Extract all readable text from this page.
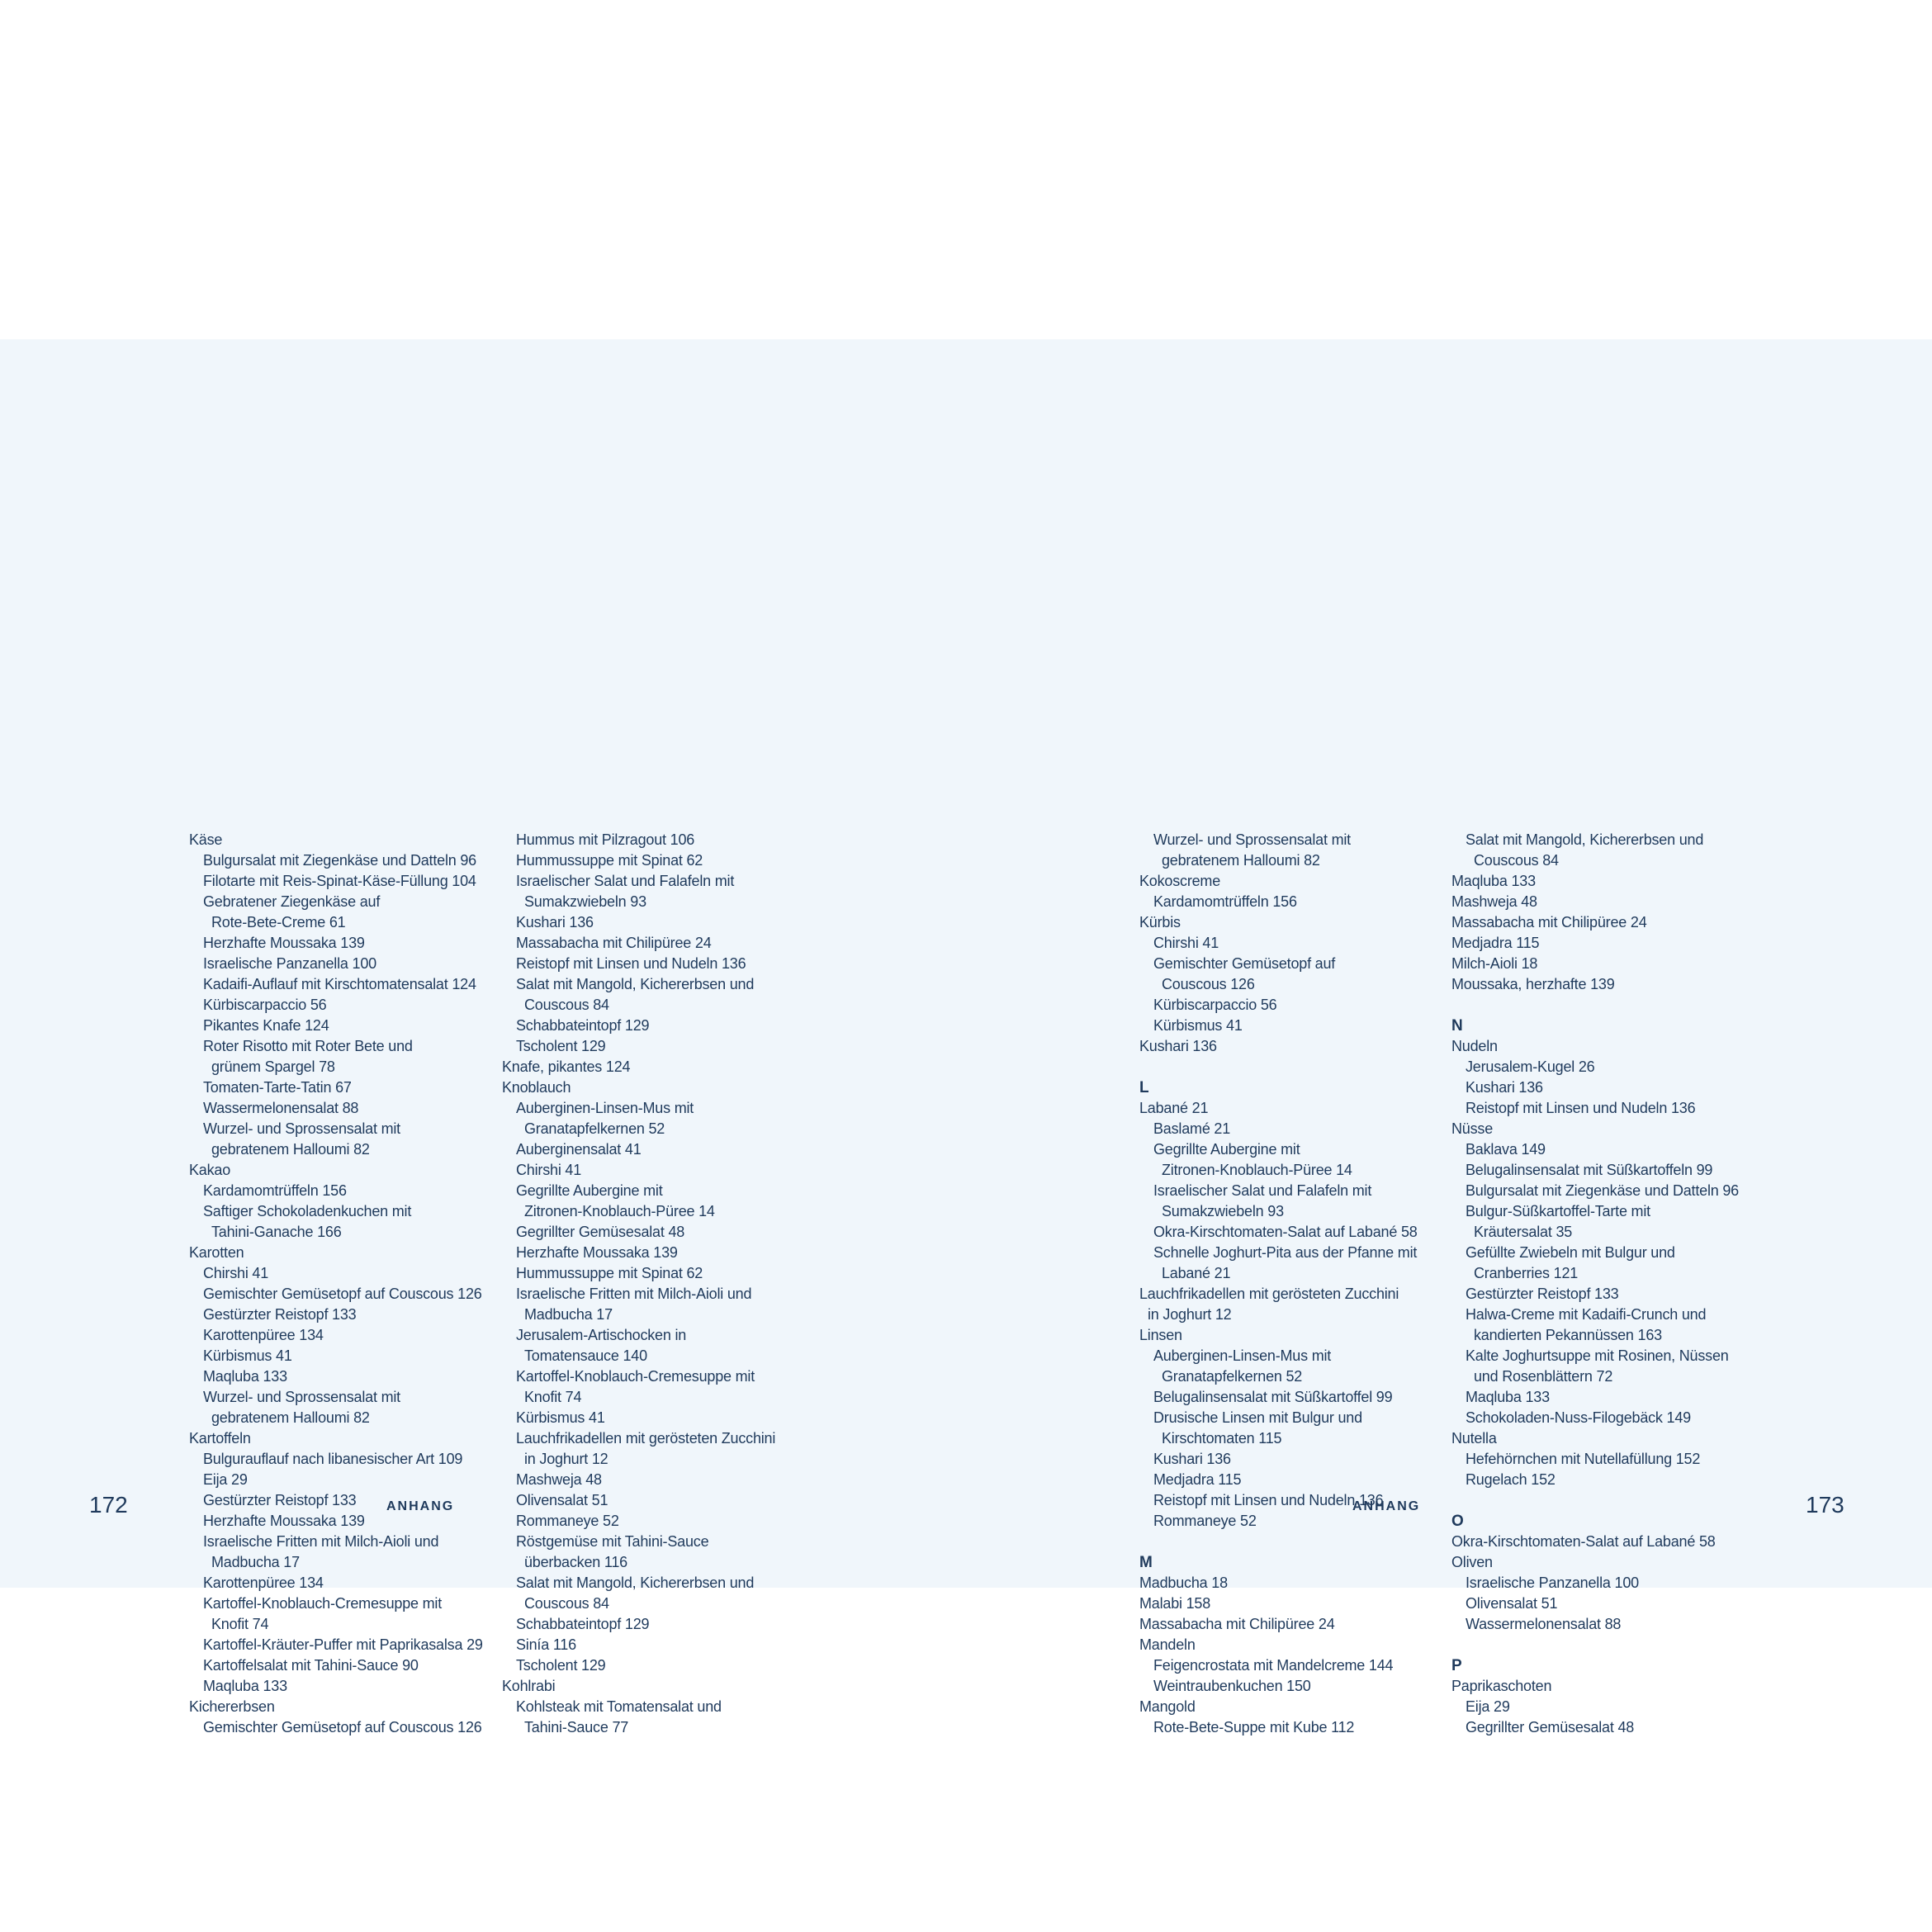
Käse
Bulgursalat mit Ziegenkäse und Datteln 96
Filotarte mit Reis-Spinat-Käse-Füllung 104
Gebratener Ziegenkäse auf
Rote-Bete-Creme 61
Herzhafte Moussaka 139
Israelische Panzanella 100
Kadaifi-Auflauf mit Kirschtomatensalat 124
Kürbiscarpaccio 56
Pikantes Knafe 124
Roter Risotto mit Roter Bete und
grünem Spargel 78
Tomaten-Tarte-Tatin 67
Wassermelonensalat 88
Wurzel- und Sprossensalat mit
gebratenem Halloumi 82
Kakao
Kardamomtrüffeln 156
Saftiger Schokoladenkuchen mit
Tahini-Ganache 166
Karotten
Chirshi 41
Gemischter Gemüsetopf auf Couscous 126
Gestürzter Reistopf 133
Karottenpüree 134
Kürbismus 41
Maqluba 133
Wurzel- und Sprossensalat mit
gebratenem Halloumi 82
Kartoffeln
Bulgurauflauf nach libanesischer Art 109
Eija 29
Gestürzter Reistopf 133
Herzhafte Moussaka 139
Israelische Fritten mit Milch-Aioli und
Madbucha 17
Karottenpüree 134
Kartoffel-Knoblauch-Cremesuppe mit
Knofit 74
Kartoffel-Kräuter-Puffer mit Paprikasalsa 29
Kartoffelsalat mit Tahini-Sauce 90
Maqluba 133
Kichererbsen
Gemischter Gemüsetopf auf Couscous 126
Hummus mit Pilzragout 106
Hummussuppe mit Spinat 62
Israelischer Salat und Falafeln mit
Sumakzwiebeln 93
Kushari 136
Massabacha mit Chilipüree 24
Reistopf mit Linsen und Nudeln 136
Salat mit Mangold, Kichererbsen und
Couscous 84
Schabbateintopf 129
Tscholent 129
Knafe, pikantes 124
Knoblauch
Auberginen-Linsen-Mus mit
Granatapfelkernen 52
Auberginensalat 41
Chirshi 41
Gegrillte Aubergine mit
Zitronen-Knoblauch-Püree 14
Gegrillter Gemüsesalat 48
Herzhafte Moussaka 139
Hummussuppe mit Spinat 62
Israelische Fritten mit Milch-Aioli und
Madbucha 17
Jerusalem-Artischocken in
Tomatensauce 140
Kartoffel-Knoblauch-Cremesuppe mit
Knofit 74
Kürbismus 41
Lauchfrikadellen mit gerösteten Zucchini
in Joghurt 12
Mashweja 48
Olivensalat 51
Rommaneye 52
Röstgemüse mit Tahini-Sauce
überbacken 116
Salat mit Mangold, Kichererbsen und
Couscous 84
Schabbateintopf 129
Sinía 116
Tscholent 129
Kohlrabi
Kohlsteak mit Tomatensalat und
Tahini-Sauce 77
Wurzel- und Sprossensalat mit
gebratenem Halloumi 82
Kokoscreme
Kardamomtrüffeln 156
Kürbis
Chirshi 41
Gemischter Gemüsetopf auf
Couscous 126
Kürbiscarpaccio 56
Kürbismus 41
Kushari 136
L
Labané 21
Baslamé 21
Gegrillte Aubergine mit
Zitronen-Knoblauch-Püree 14
Israelischer Salat und Falafeln mit
Sumakzwiebeln 93
Okra-Kirschtomaten-Salat auf Labané 58
Schnelle Joghurt-Pita aus der Pfanne mit
Labané 21
Lauchfrikadellen mit gerösteten Zucchini
in Joghurt 12
Linsen
Auberginen-Linsen-Mus mit
Granatapfelkernen 52
Belugalinsensalat mit Süßkartoffel 99
Drusische Linsen mit Bulgur und
Kirschtomaten 115
Kushari 136
Medjadra 115
Reistopf mit Linsen und Nudeln 136
Rommaneye 52
M
Madbucha 18
Malabi 158
Massabacha mit Chilipüree 24
Mandeln
Feigencrostata mit Mandelcreme 144
Weintraubenkuchen 150
Mangold
Rote-Bete-Suppe mit Kube 112
Salat mit Mangold, Kichererbsen und
Couscous 84
Maqluba 133
Mashweja 48
Massabacha mit Chilipüree 24
Medjadra 115
Milch-Aioli 18
Moussaka, herzhafte 139
N
Nudeln
Jerusalem-Kugel 26
Kushari 136
Reistopf mit Linsen und Nudeln 136
Nüsse
Baklava 149
Belugalinsensalat mit Süßkartoffeln 99
Bulgursalat mit Ziegenkäse und Datteln 96
Bulgur-Süßkartoffel-Tarte mit
Kräutersalat 35
Gefüllte Zwiebeln mit Bulgur und
Cranberries 121
Gestürzter Reistopf 133
Halwa-Creme mit Kadaifi-Crunch und
kandierten Pekannüssen 163
Kalte Joghurtsuppe mit Rosinen, Nüssen
und Rosenblättern 72
Maqluba 133
Schokoladen-Nuss-Filogebäck 149
Nutella
Hefehörnchen mit Nutellafüllung 152
Rugelach 152
O
Okra-Kirschtomaten-Salat auf Labané 58
Oliven
Israelische Panzanella 100
Olivensalat 51
Wassermelonensalat 88
P
Paprikaschoten
Eija 29
Gegrillter Gemüsesalat 48
172	ANHANG	ANHANG	173
